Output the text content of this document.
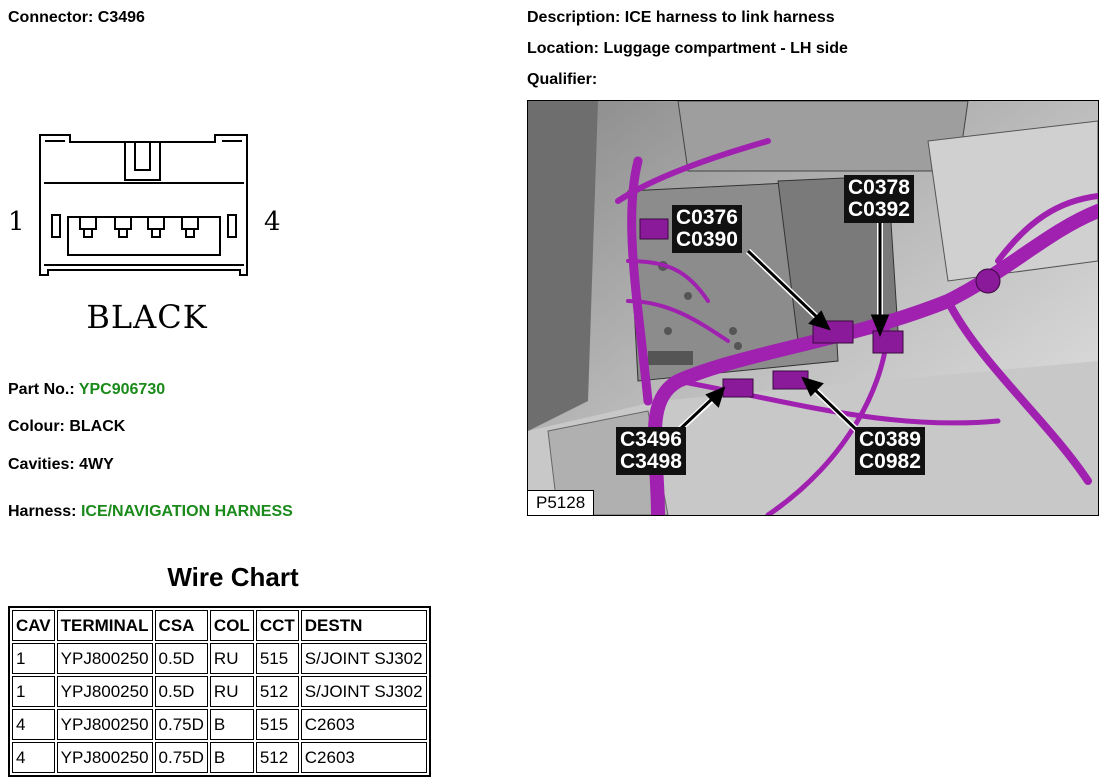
Connector: C3496	Description: ICE harness to link harness
Location: Luggage compartment - LH side
Qualifier:
1	4
BLACK
Part No.: YPC906730
Colour: BLACK
Cavities: 4WY
Harness: ICE/NAVIGATION HARNESS
Wire Chart
CAV	TERMINAL	CSA	COL	CCT	DESTN
1	YPJ800250	0.5D	RU	515	S/JOINT SJ302
1	YPJ800250	0.5D	RU	512	S/JOINT SJ302
4	YPJ800250	0.75D	B	515	C2603
4	YPJ800250	0.75D	B	512	C2603
C0376
C0390
C0378
C0392
C3496
C3498
C0389
C0982
P5128
